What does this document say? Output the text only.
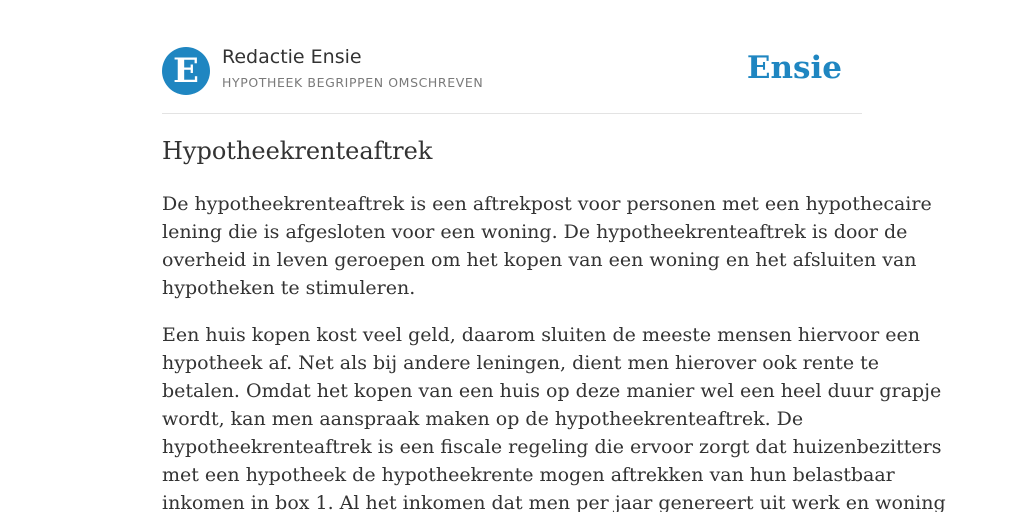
E	Redactie Ensie
HYPOTHEEK BEGRIPPEN OMSCHREVEN	Ensie
Hypotheekrenteaftrek

De hypotheekrenteaftrek is een aftrekpost voor personen met een hypothecaire
lening die is afgesloten voor een woning. De hypotheekrenteaftrek is door de
overheid in leven geroepen om het kopen van een woning en het afsluiten van
hypotheken te stimuleren.

Een huis kopen kost veel geld, daarom sluiten de meeste mensen hiervoor een
hypotheek af. Net als bij andere leningen, dient men hierover ook rente te
betalen. Omdat het kopen van een huis op deze manier wel een heel duur grapje
wordt, kan men aanspraak maken op de hypotheekrenteaftrek. De
hypotheekrenteaftrek is een fiscale regeling die ervoor zorgt dat huizenbezitters
met een hypotheek de hypotheekrente mogen aftrekken van hun belastbaar
inkomen in box 1. Al het inkomen dat men per jaar genereert uit werk en woning
